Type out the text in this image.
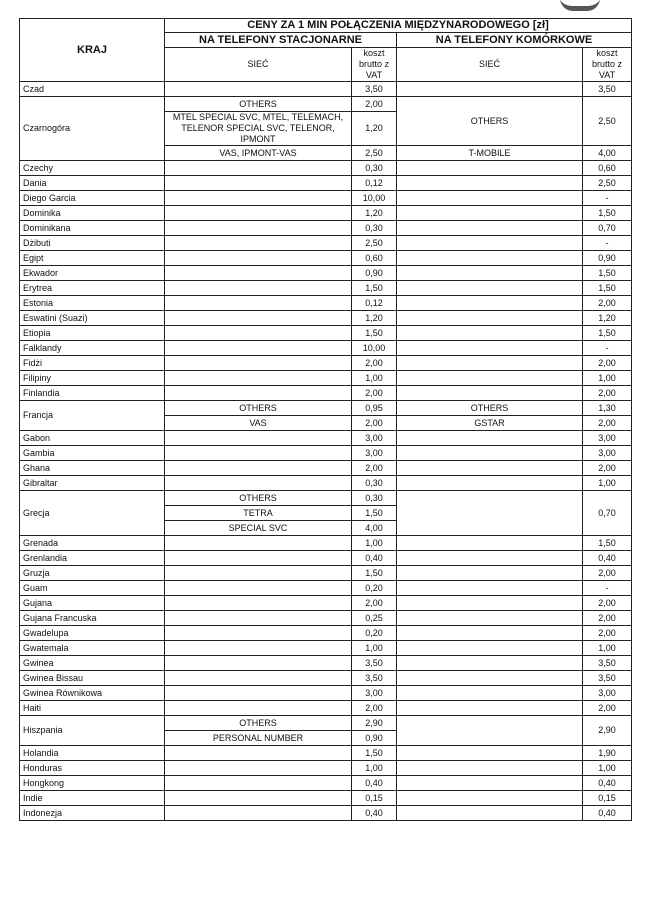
KRAJ	CENY ZA 1 MIN POŁĄCZENIA MIĘDZYNARODOWEGO [zł]			
	NA TELEFONY STACJONARNE		NA TELEFONY KOMÓRKOWE	
	SIEĆ	koszt brutto z VAT	SIEĆ	koszt brutto z VAT
Czad		3,50		3,50
Czarnogóra	OTHERS	2,00	OTHERS	2,50
	MTEL SPECIAL SVC, MTEL, TELEMACH, TELENOR SPECIAL SVC, TELENOR, IPMONT	1,20		
	VAS, IPMONT-VAS	2,50	T-MOBILE	4,00
Czechy		0,30		0,60
Dania		0,12		2,50
Diego Garcia		10,00		-
Dominika		1,20		1,50
Dominikana		0,30		0,70
Dżibuti		2,50		-
Egipt		0,60		0,90
Ekwador		0,90		1,50
Erytrea		1,50		1,50
Estonia		0,12		2,00
Eswatini (Suazi)		1,20		1,20
Etiopia		1,50		1,50
Falklandy		10,00		-
Fidżi		2,00		2,00
Filipiny		1,00		1,00
Finlandia		2,00		2,00
Francja	OTHERS	0,95	OTHERS	1,30
	VAS	2,00	GSTAR	2,00
Gabon		3,00		3,00
Gambia		3,00		3,00
Ghana		2,00		2,00
Gibraltar		0,30		1,00
Grecja	OTHERS	0,30		0,70
	TETRA	1,50		
	SPECIAL SVC	4,00		
Grenada		1,00		1,50
Grenlandia		0,40		0,40
Gruzja		1,50		2,00
Guam		0,20		-
Gujana		2,00		2,00
Gujana Francuska		0,25		2,00
Gwadelupa		0,20		2,00
Gwatemala		1,00		1,00
Gwinea		3,50		3,50
Gwinea Bissau		3,50		3,50
Gwinea Równikowa		3,00		3,00
Haiti		2,00		2,00
Hiszpania	OTHERS	2,90		2,90
	PERSONAL NUMBER	0,90		
Holandia		1,50		1,90
Honduras		1,00		1,00
Hongkong		0,40		0,40
Indie		0,15		0,15
Indonezja		0,40		0,40
